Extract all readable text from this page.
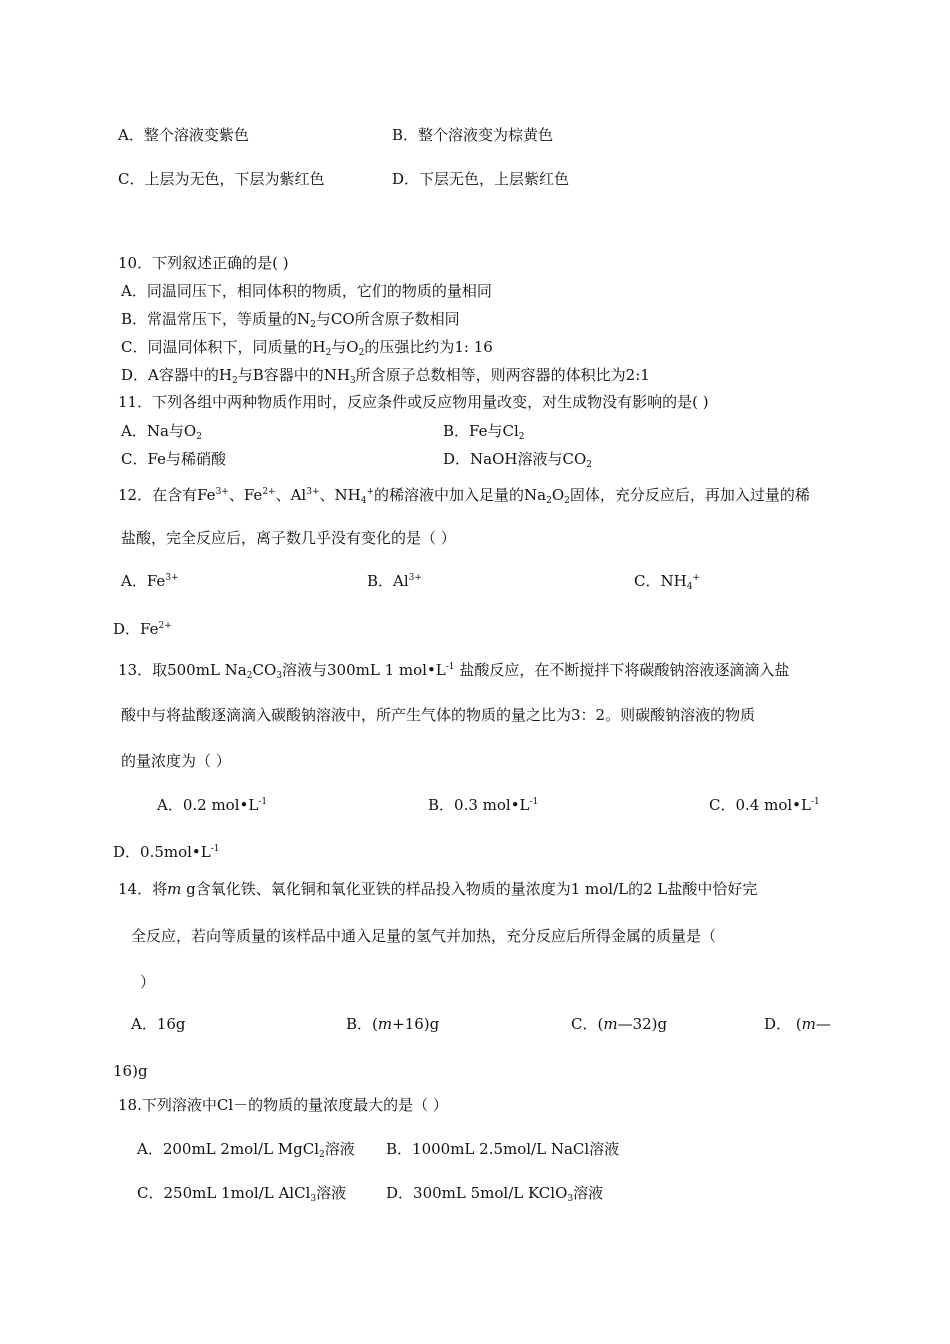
A．整个溶液变紫色	B．整个溶液变为棕黄色
C．上层为无色，下层为紫红色	D．下层无色，上层紫红色
10．下列叙述正确的是( )
A．同温同压下，相同体积的物质，它们的物质的量相同
B．常温常压下，等质量的$N_2$与CO所含原子数相同
C．同温同体积下，同质量的$H_2$与$O_2$的压强比约为1: 16
D．A容器中的$H_2$与B容器中的$NH_3$所含原子总数相等，则两容器的体积比为2:1
11．下列各组中两种物质作用时，反应条件或反应物用量改变，对生成物没有影响的是( )
A．Na与$O_2$	B．Fe与$Cl_2$
C．Fe与稀硝酸	D．NaOH溶液与$CO_2$
12．在含有$Fe^{3+}$、$Fe^{2+}$、$Al^{3+}$、$NH_4^+$的稀溶液中加入足量的$Na_2O_2$固体，充分反应后，再加入过量的稀
盐酸，完全反应后，离子数几乎没有变化的是（ ）
A．$Fe^{3+}$	B．$Al^{3+}$	C．$NH_4^+$
D．$Fe^{2+}$
13．取500mL $Na_2CO_3$溶液与300mL 1 $mol•L^{-1}$ 盐酸反应，在不断搅拌下将碳酸钠溶液逐滴滴入盐
酸中与将盐酸逐滴滴入碳酸钠溶液中，所产生气体的物质的量之比为3：2。则碳酸钠溶液的物质
的量浓度为（ ）
A．0.2 $mol•L^{-1}$	B．0.3 $mol•L^{-1}$	C．0.4 $mol•L^{-1}$
D．$0.5mol•L^{-1}$
14．将m g含氧化铁、氧化铜和氧化亚铁的样品投入物质的量浓度为1 mol/L的2 L盐酸中恰好完
全反应，若向等质量的该样品中通入足量的氢气并加热，充分反应后所得金属的质量是（
）
A．16g	B．(m+16)g	C．(m—32)g	D． (m—
16)g
18.下列溶液中Cl－的物质的量浓度最大的是（ ）
A．200mL 2mol/L MgCl$_2$溶液 B．1000mL 2.5mol/L NaCl溶液
C．250mL 1mol/L AlCl$_3$溶液	D．300mL 5mol/L KClO$_3$溶液
